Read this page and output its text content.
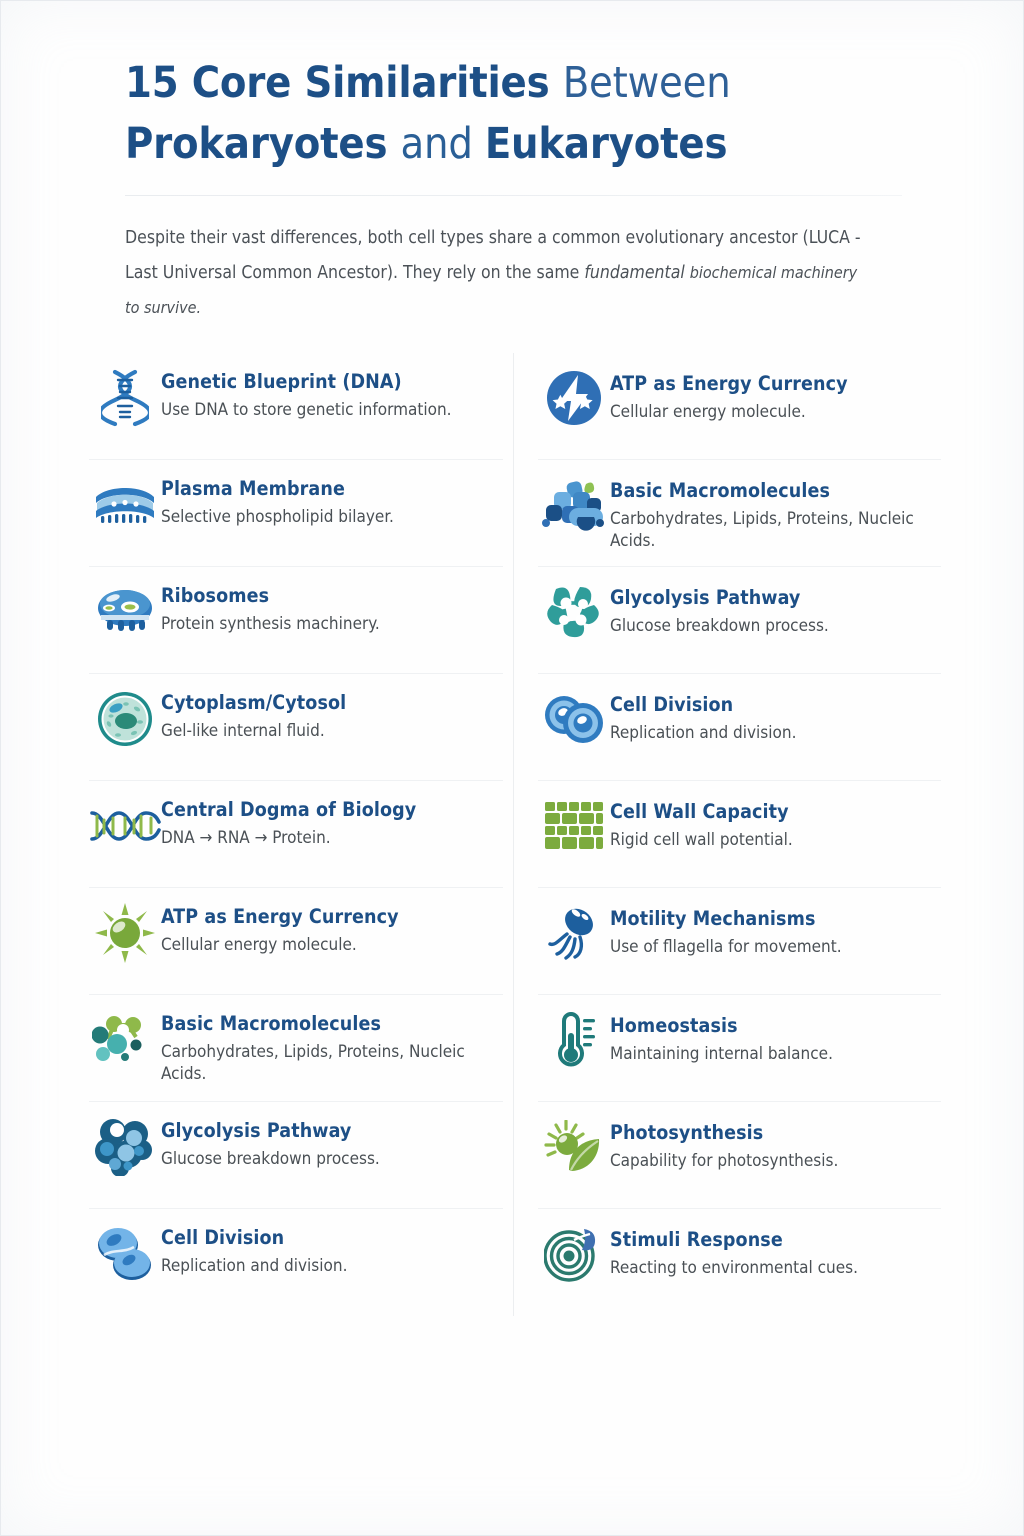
15 Core Similarities Between
Prokaryotes and Eukaryotes
Despite their vast differences, both cell types share a common evolutionary ancestor (LUCA - Last Universal Common Ancestor). They rely on the same fundamental biochemical machinery to survive.
Genetic Blueprint (DNA)
Use DNA to store genetic information.
Plasma Membrane
Selective phospholipid bilayer.
Ribosomes
Protein synthesis machinery.
Cytoplasm/Cytosol
Gel-like internal fluid.
Central Dogma of Biology
DNA → RNA → Protein.
ATP as Energy Currency
Cellular energy molecule.
Basic Macromolecules
Carbohydrates, Lipids, Proteins, Nucleic Acids.
Glycolysis Pathway
Glucose breakdown process.
Cell Division
Replication and division.
ATP as Energy Currency
Cellular energy molecule.
Basic Macromolecules
Carbohydrates, Lipids, Proteins, Nucleic Acids.
Glycolysis Pathway
Glucose breakdown process.
Cell Division
Replication and division.
Cell Wall Capacity
Rigid cell wall potential.
Motility Mechanisms
Use of fllagella for movement.
Homeostasis
Maintaining internal balance.
Photosynthesis
Capability for photosynthesis.
Stimuli Response
Reacting to environmental cues.
